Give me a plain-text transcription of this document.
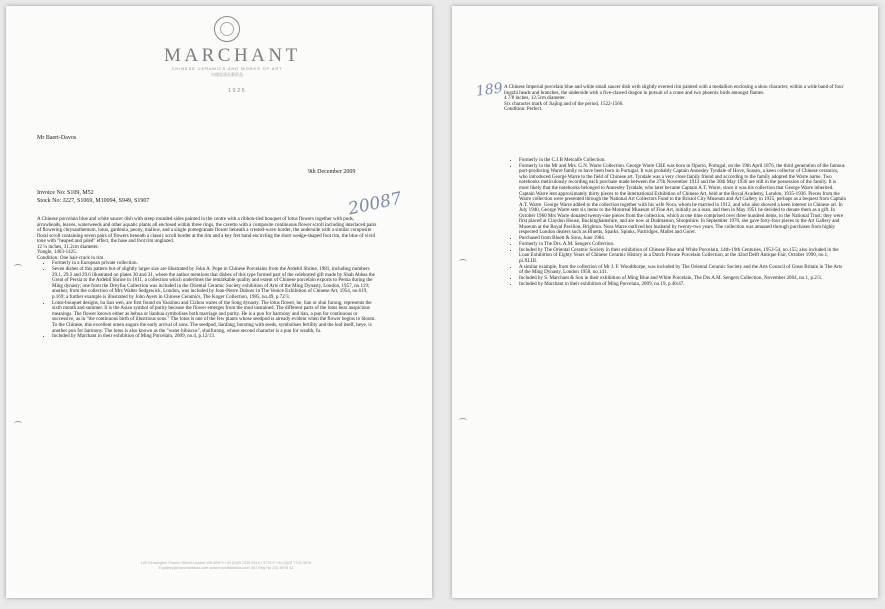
MARCHANT
CHINESE CERAMICS AND WORKS OF ART
中國瓷器及藝術品
1925
Mr Baert-Davos
9th December 2009
Invoice No: S109, M52
Stock No: J227, S1069, M10094, S949, S1907	20087
A Chinese porcelain blue and white saucer dish with steep rounded sides painted in the centre with a ribbon-tied bouquet of lotus flowers together with pods, arrowheads, leaves, waterweeds and other aquatic plants all enclosed within three rings, the cavetto with a composite continuous flower scroll including interlaced pairs of flowering chrysanthemum, lotus, gardenia, peony, mallow, and a single pomegranate flower beneath a crested-wave border, the underside with a similar composite floral scroll containing seven pairs of flowers beneath a classic scroll border at the rim and a key fret band encircling the short wedge-shaped foot rim, the blue of vivid tone with "heaped and piled" effect, the base and foot rim unglazed.
12 ¼ inches, 31.2cm diameter.
Yongle, 1403-1425.
Condition: One hair-crack in rim.
• Formerly in a European private collection.
• Seven dishes of this pattern but of slightly larger size are illustrated by John A. Pope in Chinese Porcelains from the Ardebil Shrine, 1981, including numbers 29.1, 29.3 and 29.6 illustrated on plates 30 and 31, where the author mentions that dishes of this type formed part of the celebrated gift made by Shah Abbas the Great of Persia to the Ardebil Shrine in 1611, a collection which underlines the remarkable quality and extent of Chinese porcelain exports to Persia during the Ming dynasty; one from the Dreyfus Collection was included in the Oriental Ceramic Society exhibition of Arts of the Ming Dynasty, London, 1957, no.119; another, from the collection of Mrs Walter Sedgewick, London, was included by Jean-Pierre Dubosc in The Venice Exhibition of Chinese Art, 1954, no.619, p.169; a further example is illustrated by John Ayers in Chinese Ceramics, The Koger Collection, 1985, no.49, p.72/3.
• Lotus-bouquet designs, ba lian wen, are first found on Yaozhou and Cizhou wares of the Song dynasty. The lotus flower, he, lian or shui furong, represents the sixth month and summer. It is the Asian symbol of purity because the flower emerges from the mud unstained. The different parts of the lotus bear auspicious meanings. The flower known either as hehua or lianhua symbolises both marriage and purity. He is a pun for harmony and lian, a pun for continuous or successive, as in "the continuous birth of illustrious sons." The lotus is one of the few plants whose seedpod is already evident when the flower begins to bloom. To the Chinese, this excellent omen augurs the early arrival of sons. The seedpod, lianfang, bursting with seeds, symbolises fertility and the leaf itself, heye, is another pun for harmony. The lotus is also known as the "water hibiscus", shuifurong, whose second character is a pun for wealth, fu.
• Included by Marchant in their exhibition of Ming Porcelain, 2009, no.4, p.12/13.
120 Kensington Church Street London W8 4BH T:+44 (0)20 7229 5319 / 3770 F:+44 (0)20 7792 3678
E:gallery@marchantasia.com www.marchantasia.com VAT Reg No 232 8978 42
189 A Chinese Imperial porcelain blue and white small saucer dish with slightly everted rim painted with a medallion enclosing a shou character, within a wide band of four lingzhi heads and branches, the underside with a five-clawed dragon in pursuit of a crane and two phoenix birds amongst flames.
4 7/8 inches, 12.5cm diameter.
Six character mark of Jiajing and of the period, 1522-1566.
Condition: Perfect.
• Formerly in the C.J.B Metcalfe Collection.
• Formerly in the Mr and Mrs. G.N. Warre Collection. George Warre CBE was born in Oporto, Portugal, on the 19th April 1876, the third generation of the famous port-producing Warre family to have been born in Portugal. It was probably Captain Annesley Tyndale of Hove, Sussex, a keen collector of Chinese ceramics, who introduced George Warre to the field of Chinese art. Tyndale was a very close family friend and according to the family adopted the Warre name. Two notebooks meticulously recording each purchase made between the 27th November 1913 and the 30th May 1936 are still in the possession of the family. It is most likely that the notebooks belonged to Annesley Tyndale, who later became Captain A.T. Warre, since it was his collection that George Warre inherited. Captain Warre lent approximately thirty pieces to the International Exhibition of Chinese Art, held at the Royal Academy, London, 1935-1936. Pieces from the Warre collection were presented through the National Art Collectors Fund to the Bristol City Museum and Art Gallery in 1935, perhaps as a bequest from Captain A.T. Warre. George Warre added to the collection together with his wife Nora, whom he married in 1912, and who also showed a keen interest in Chinese art. In July 1940, George Warre sent six items to the Montreal Museum of Fine Art, initially as a loan, and then in May 1951 he decided to donate them as a gift. In October 1960 Mrs Warre donated twenty-one pieces from the collection, which at one time comprised over three hundred items, to the National Trust; they were first placed at Claydon House, Buckinghamshire, and are now at Dudmaston, Shropshire. In September 1970, she gave forty-four pieces to the Art Gallery and Museum at the Royal Pavilion, Brighton. Nora Warre outlived her husband by twenty-two years. The collection was amassed through purchases from highly respected London dealers such as Bluetts, Sparks, Spinks, Partridges, Mallet and Gorer.
• Purchased from Bluett & Sons, June 1984.
• Formerly in The Drs. A.M. Sengers Collection.
• Included by The Oriental Ceramic Society in their exhibition of Chinese Blue and White Porcelain, 14th-19th Centuries, 1953-54, no.155; also included in the Loan Exhibition of Eighty Years of Chinese Ceramic History in a Dutch Private Porcelain Collection, at the 42nd Delft Antique Fair, October 1990, no.1, pl.XLIII.
• A similar example, from the collection of Mr J. F. Woodthorpe, was included by The Oriental Ceramic Society and the Arts Council of Great Britain in The Arts of the Ming Dynasty, London 1958, no.141.
• Included by S. Marchant & Son in their exhibition of Ming Blue and White Porcelain, The Drs A.M. Sengers Collection, November 2004, no.1, p.2/3.
• Included by Marchant in their exhibition of Ming Porcelain, 2009, no.19, p.46/47.
